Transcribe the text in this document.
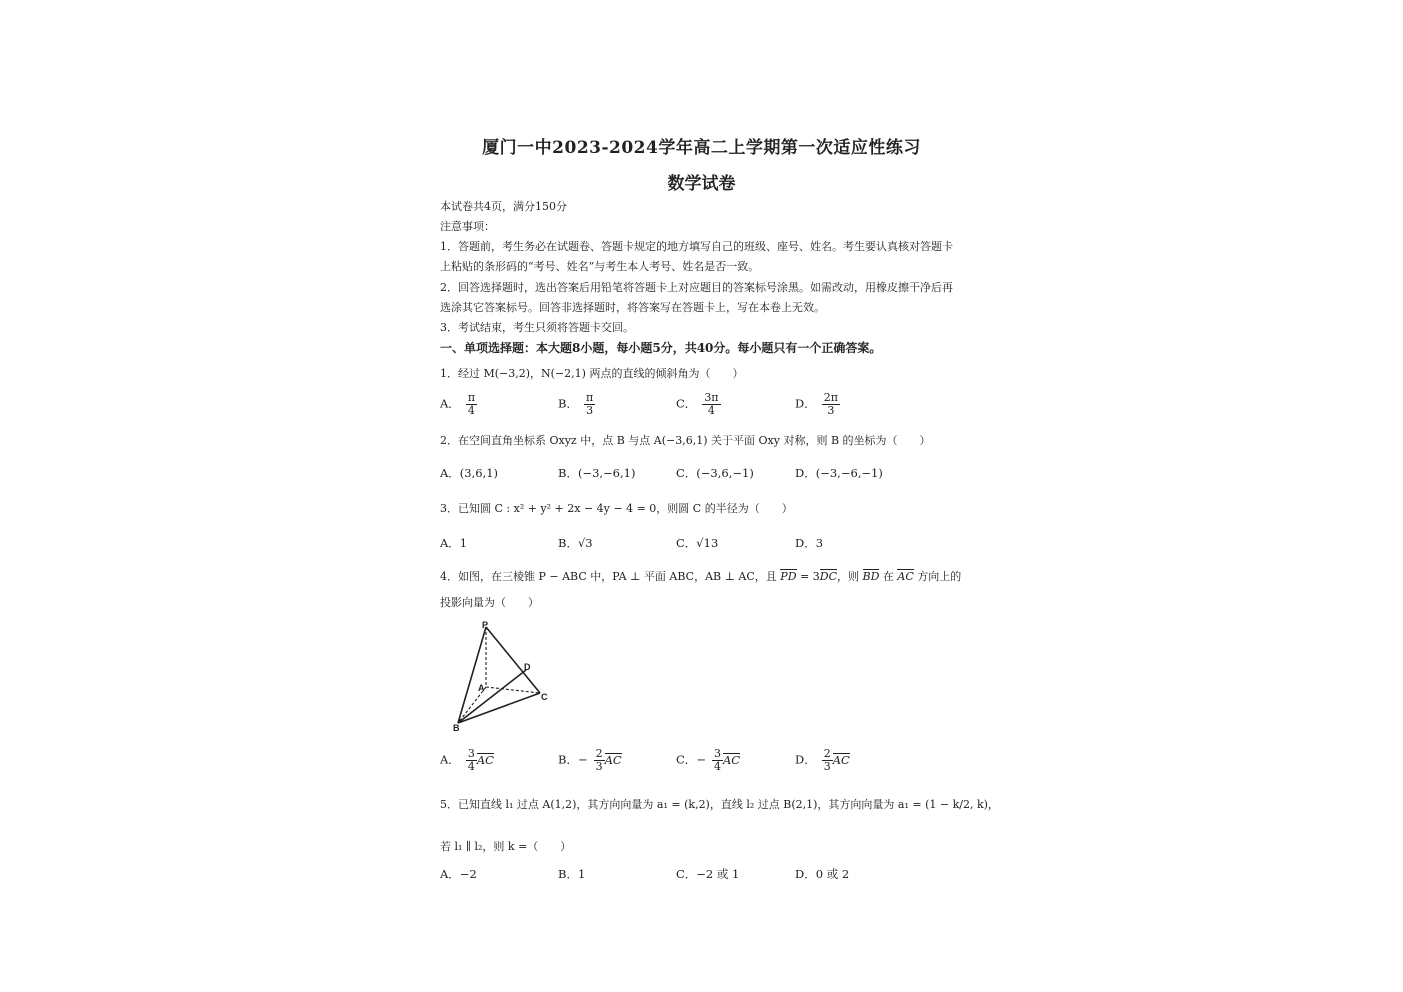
厦门一中2023-2024学年高二上学期第一次适应性练习
数学试卷
本试卷共4页，满分150分
注意事项：
1．答题前，考生务必在试题卷、答题卡规定的地方填写自己的班级、座号、姓名。考生要认真核对答题卡
上粘贴的条形码的“考号、姓名”与考生本人考号、姓名是否一致。
2．回答选择题时，选出答案后用铅笔将答题卡上对应题目的答案标号涂黑。如需改动，用橡皮擦干净后再
选涂其它答案标号。回答非选择题时，将答案写在答题卡上，写在本卷上无效。
3．考试结束，考生只须将答题卡交回。
一、单项选择题：本大题8小题，每小题5分，共40分。每小题只有一个正确答案。
1．经过 M(−3,2)，N(−2,1) 两点的直线的倾斜角为（　　）
A． $\frac{\pi}{4}$	B． $\frac{\pi}{3}$	C． $\frac{3\pi}{4}$	D． $\frac{2\pi}{3}$
2．在空间直角坐标系 Oxyz 中，点 B 与点 A(−3,6,1) 关于平面 Oxy 对称，则 B 的坐标为（　　）
A．(3,6,1)	B．(−3,−6,1)	C．(−3,6,−1)	D．(−3,−6,−1)
3．已知圆 C : x² + y² + 2x − 4y − 4 = 0，则圆 C 的半径为（　　）
A．1	B．√3	C．√13	D．3
4．如图，在三棱锥 P − ABC 中，PA ⊥ 平面 ABC，AB ⊥ AC，且 PD = 3DC，则 BD 在 AC 方向上的
投影向量为（　　）
P
A
B
C
D
A． $\frac{3}{4}$ AC	B．− $\frac{2}{3}$ AC	C．− $\frac{3}{4}$ AC	D． $\frac{2}{3}$ AC
5．已知直线 l₁ 过点 A(1,2)，其方向向量为 a₁ = (k,2)，直线 l₂ 过点 B(2,1)，其方向向量为 a₁ = (1 − k/2, k)，
若 l₁ ∥ l₂，则 k =（　　）
A．−2	B．1	C．−2 或 1	D．0 或 2
